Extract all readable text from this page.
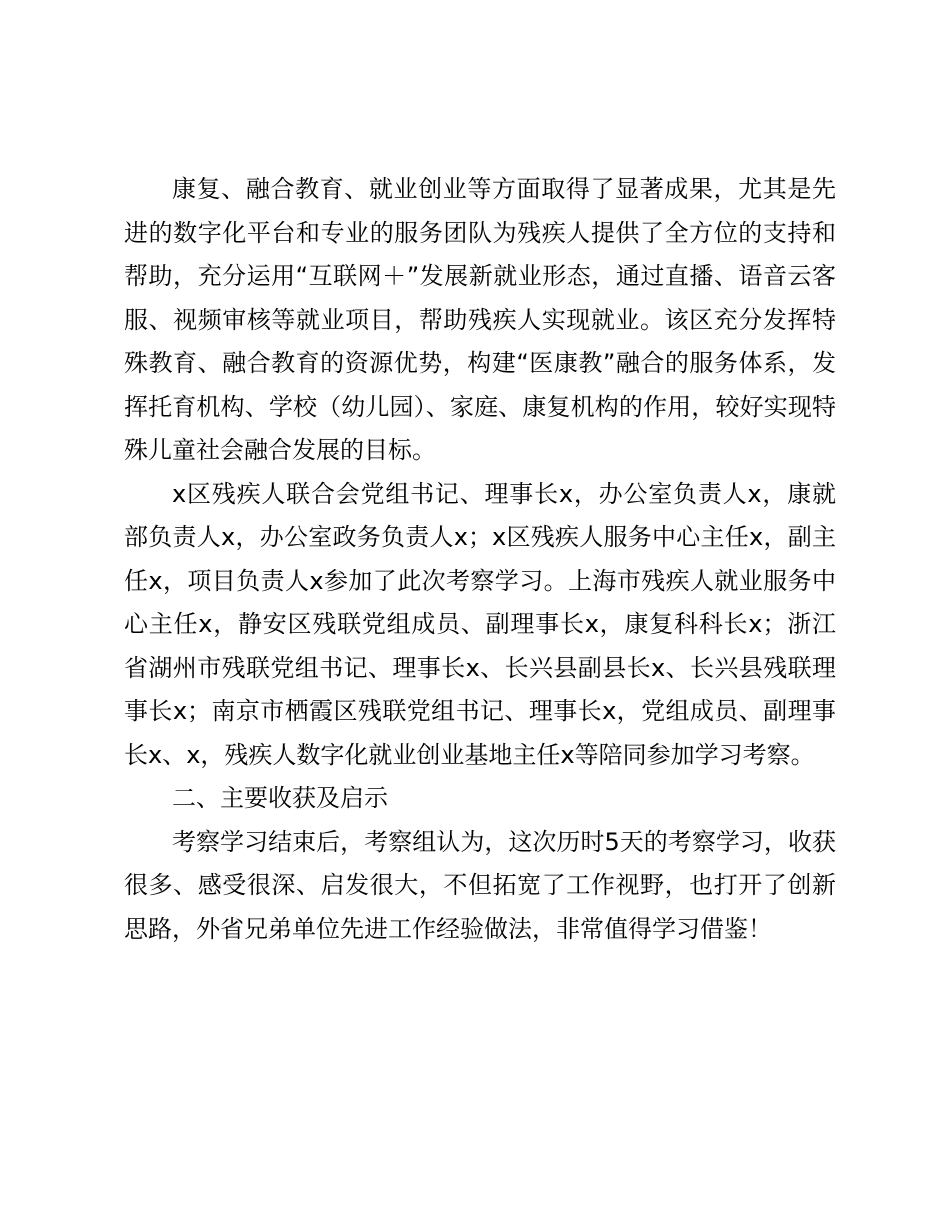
康复、融合教育、就业创业等方面取得了显著成果，尤其是先进的数字化平台和专业的服务团队为残疾人提供了全方位的支持和帮助，充分运用“互联网＋”发展新就业形态，通过直播、语音云客服、视频审核等就业项目，帮助残疾人实现就业。该区充分发挥特殊教育、融合教育的资源优势，构建“医康教”融合的服务体系，发挥托育机构、学校（幼儿园）、家庭、康复机构的作用，较好实现特殊儿童社会融合发展的目标。

x区残疾人联合会党组书记、理事长x，办公室负责人x，康就部负责人x，办公室政务负责人x；x区残疾人服务中心主任x，副主任x，项目负责人x参加了此次考察学习。上海市残疾人就业服务中心主任x，静安区残联党组成员、副理事长x，康复科科长x；浙江省湖州市残联党组书记、理事长x、长兴县副县长x、长兴县残联理事长x；南京市栖霞区残联党组书记、理事长x，党组成员、副理事长x、x，残疾人数字化就业创业基地主任x等陪同参加学习考察。

二、主要收获及启示

考察学习结束后，考察组认为，这次历时5天的考察学习，收获很多、感受很深、启发很大，不但拓宽了工作视野，也打开了创新思路，外省兄弟单位先进工作经验做法，非常值得学习借鉴！
